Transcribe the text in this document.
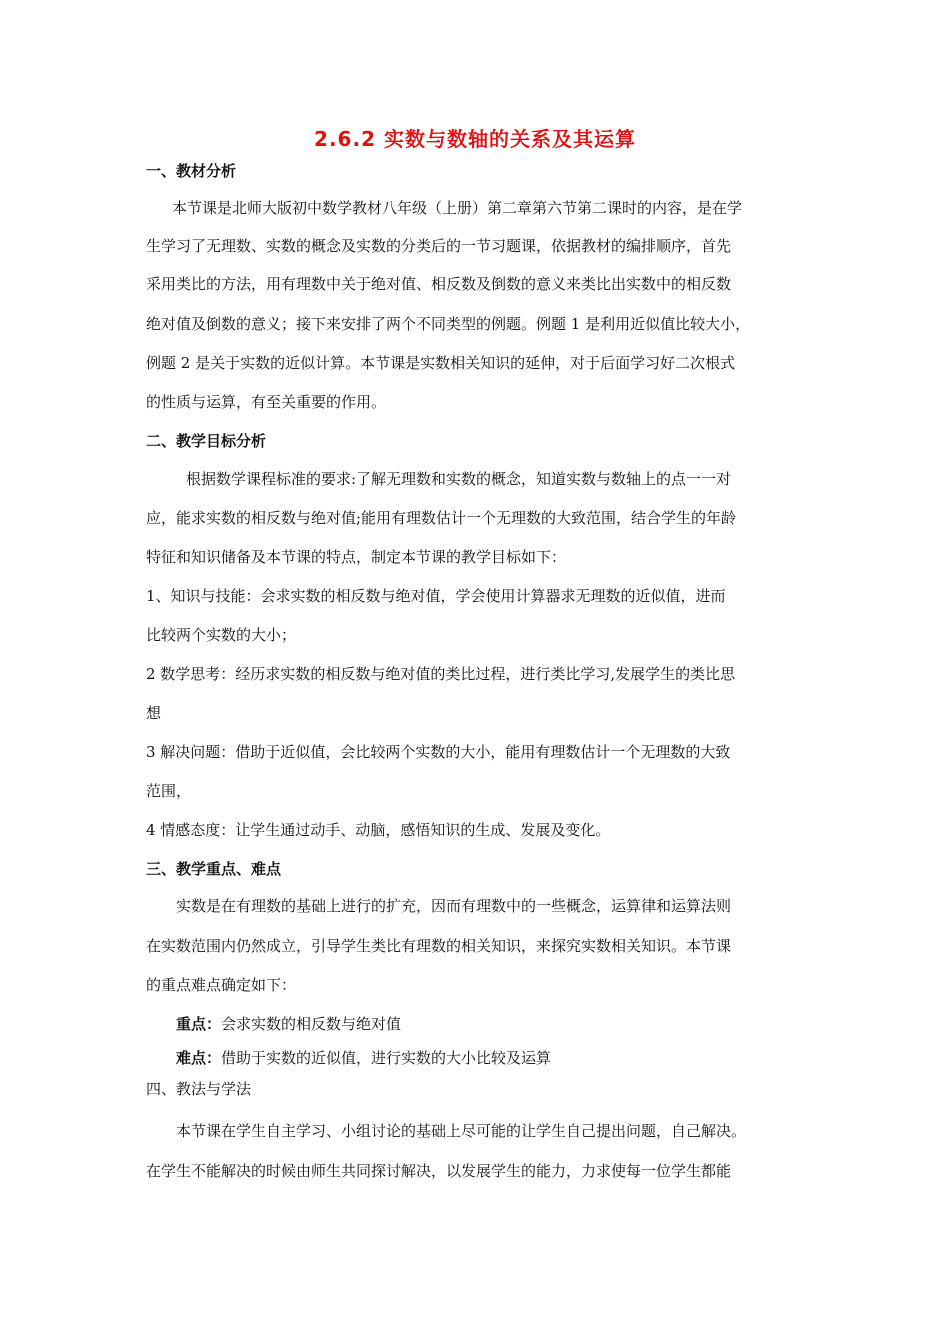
2.6.2 实数与数轴的关系及其运算
一、教材分析
本节课是北师大版初中数学教材八年级（上册）第二章第六节第二课时的内容，是在学
生学习了无理数、实数的概念及实数的分类后的一节习题课，依据教材的编排顺序，首先
采用类比的方法，用有理数中关于绝对值、相反数及倒数的意义来类比出实数中的相反数
绝对值及倒数的意义；接下来安排了两个不同类型的例题。例题 1 是利用近似值比较大小，
例题 2 是关于实数的近似计算。本节课是实数相关知识的延伸，对于后面学习好二次根式
的性质与运算，有至关重要的作用。
二、教学目标分析
根据数学课程标准的要求:了解无理数和实数的概念，知道实数与数轴上的点一一对
应，能求实数的相反数与绝对值;能用有理数估计一个无理数的大致范围，结合学生的年龄
特征和知识储备及本节课的特点，制定本节课的教学目标如下：
1、知识与技能：会求实数的相反数与绝对值，学会使用计算器求无理数的近似值，进而
比较两个实数的大小；
2 数学思考：经历求实数的相反数与绝对值的类比过程，进行类比学习,发展学生的类比思
想
3 解决问题：借助于近似值，会比较两个实数的大小，能用有理数估计一个无理数的大致
范围，
4 情感态度：让学生通过动手、动脑，感悟知识的生成、发展及变化。
三、教学重点、难点
实数是在有理数的基础上进行的扩充，因而有理数中的一些概念，运算律和运算法则
在实数范围内仍然成立，引导学生类比有理数的相关知识，来探究实数相关知识。本节课
的重点难点确定如下：
重点：会求实数的相反数与绝对值
难点：借助于实数的近似值，进行实数的大小比较及运算
四、教法与学法
本节课在学生自主学习、小组讨论的基础上尽可能的让学生自己提出问题，自己解决。
在学生不能解决的时候由师生共同探讨解决，以发展学生的能力，力求使每一位学生都能
